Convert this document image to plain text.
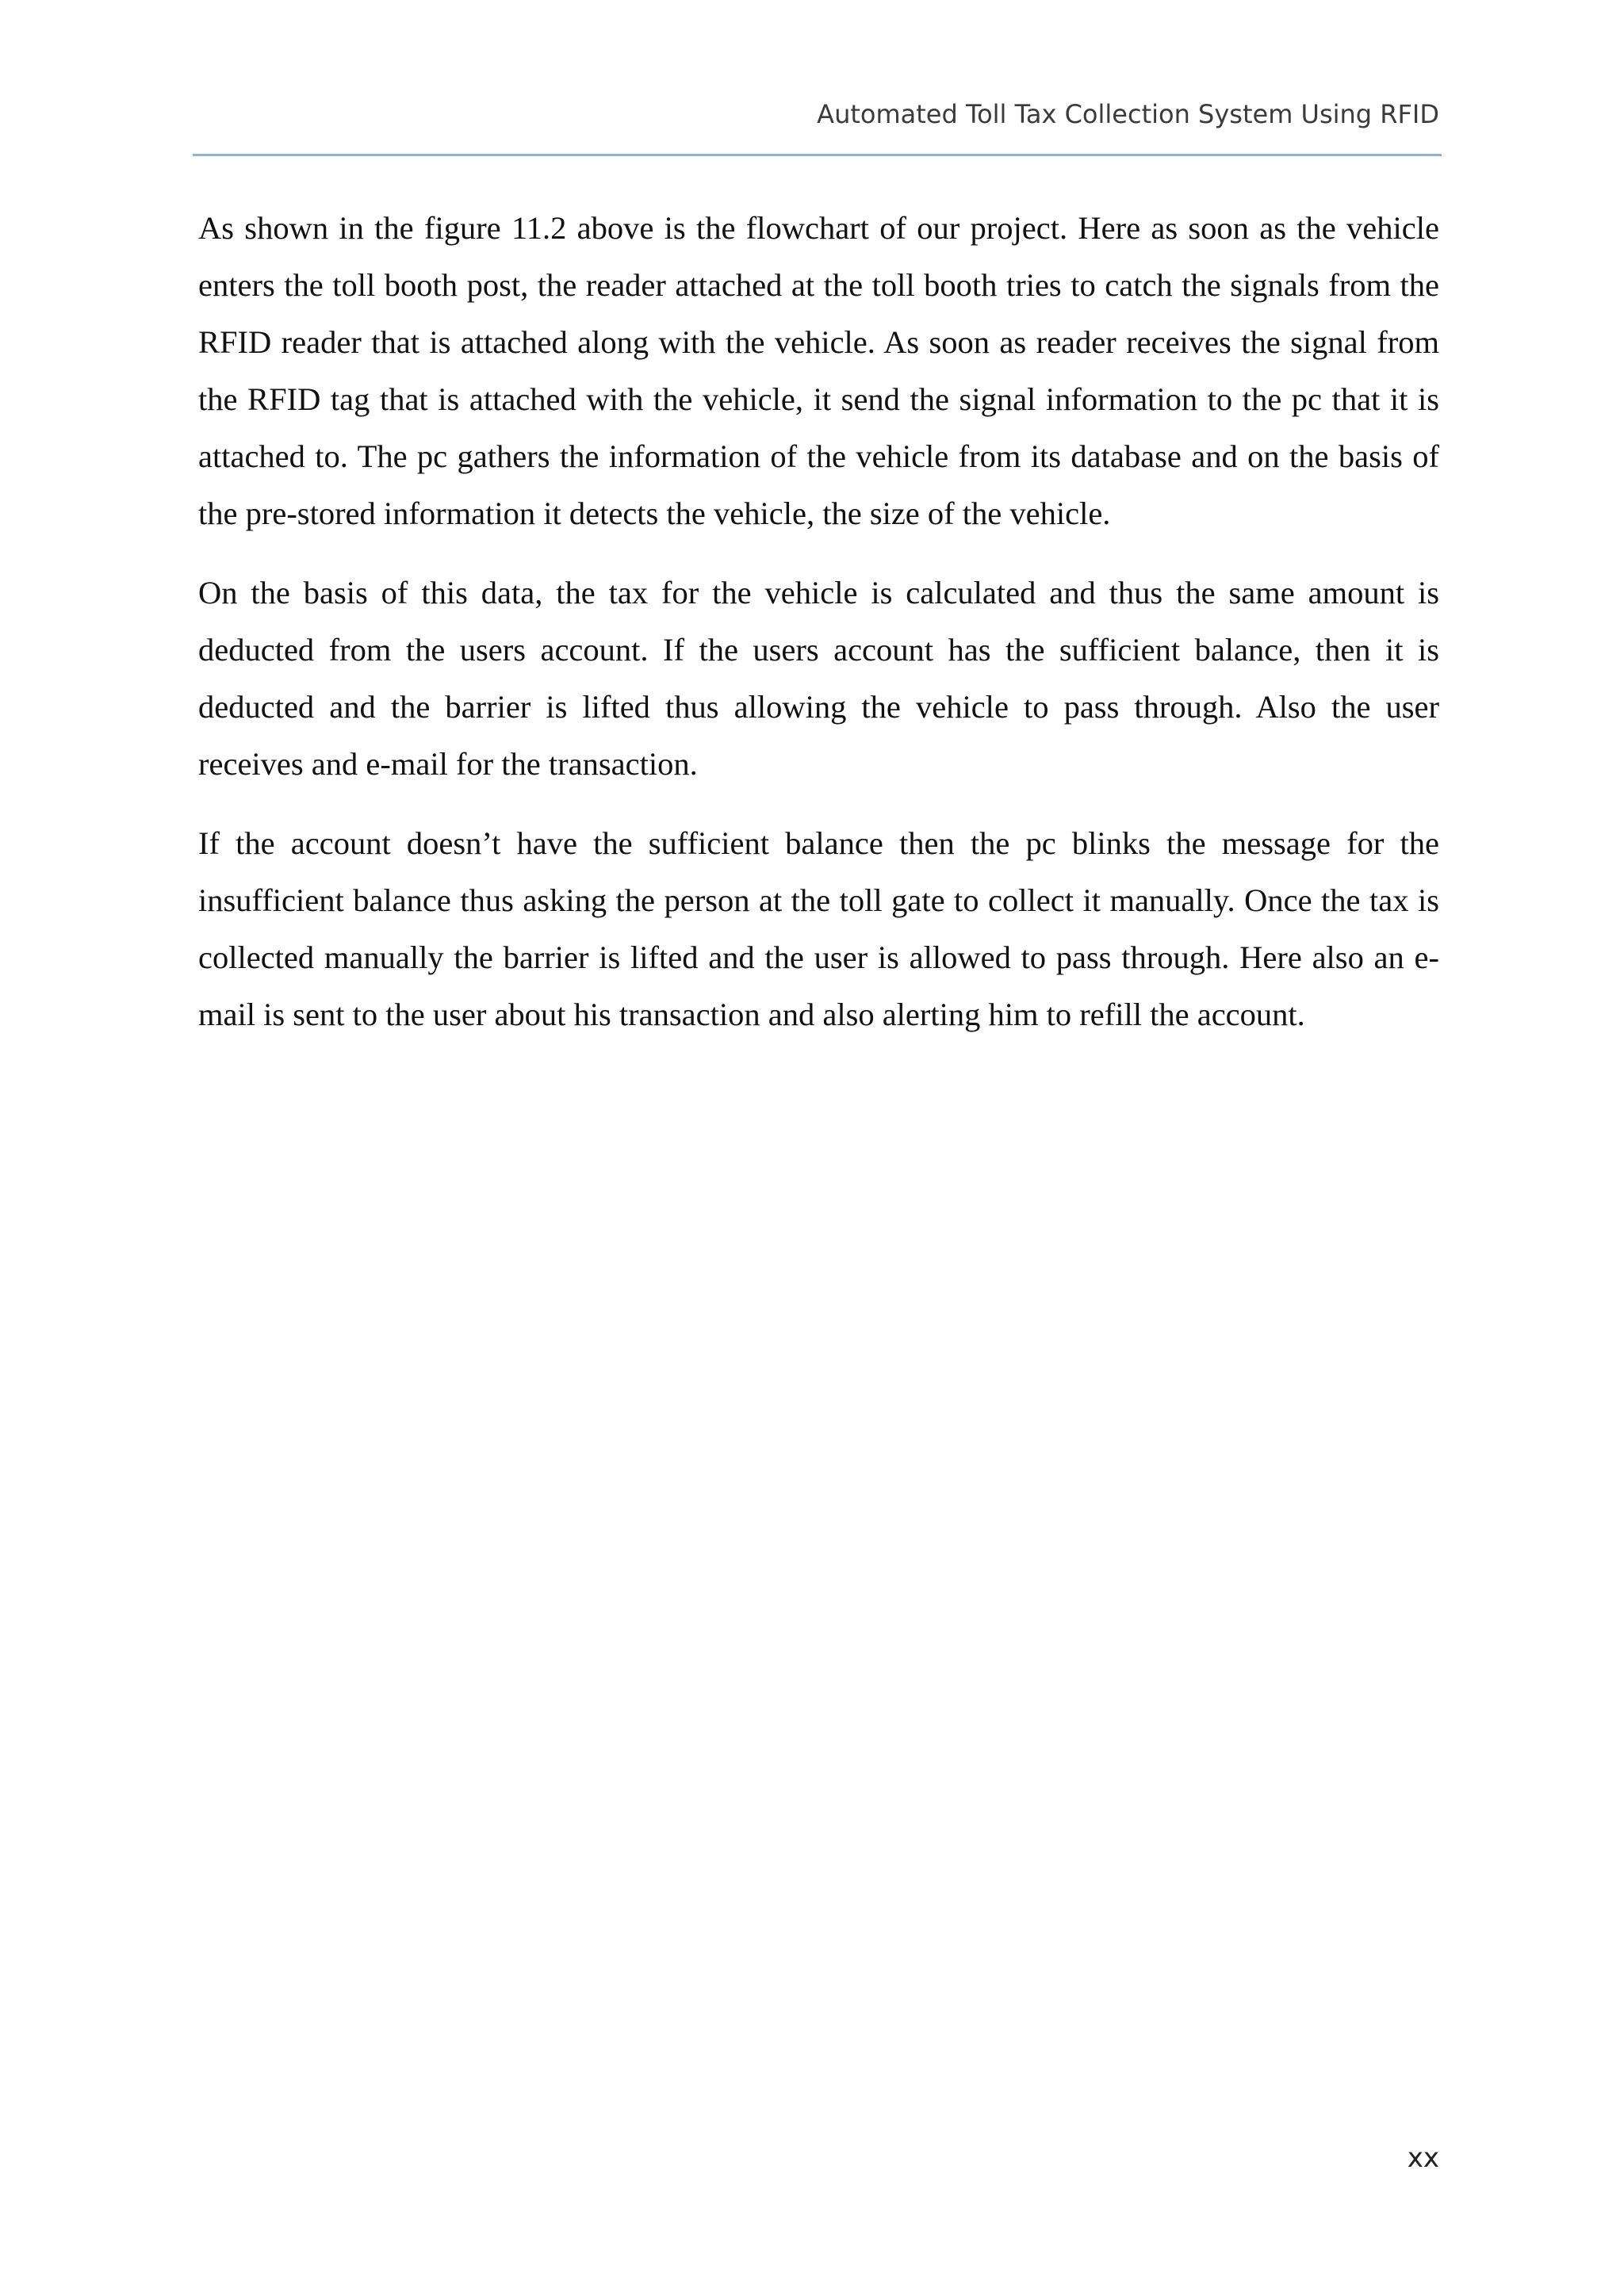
Automated Toll Tax Collection System Using RFID

As shown in the figure 11.2 above is the flowchart of our project. Here as soon as the vehicle enters the toll booth post, the reader attached at the toll booth tries to catch the signals from the RFID reader that is attached along with the vehicle. As soon as reader receives the signal from the RFID tag that is attached with the vehicle, it send the signal information to the pc that it is attached to. The pc gathers the information of the vehicle from its database and on the basis of the pre-stored information it detects the vehicle, the size of the vehicle.

On the basis of this data, the tax for the vehicle is calculated and thus the same amount is deducted from the users account. If the users account has the sufficient balance, then it is deducted and the barrier is lifted thus allowing the vehicle to pass through. Also the user receives and e-mail for the transaction.

If the account doesn’t have the sufficient balance then the pc blinks the message for the insufficient balance thus asking the person at the toll gate to collect it manually. Once the tax is collected manually the barrier is lifted and the user is allowed to pass through. Here also an e-mail is sent to the user about his transaction and also alerting him to refill the account.

xx
